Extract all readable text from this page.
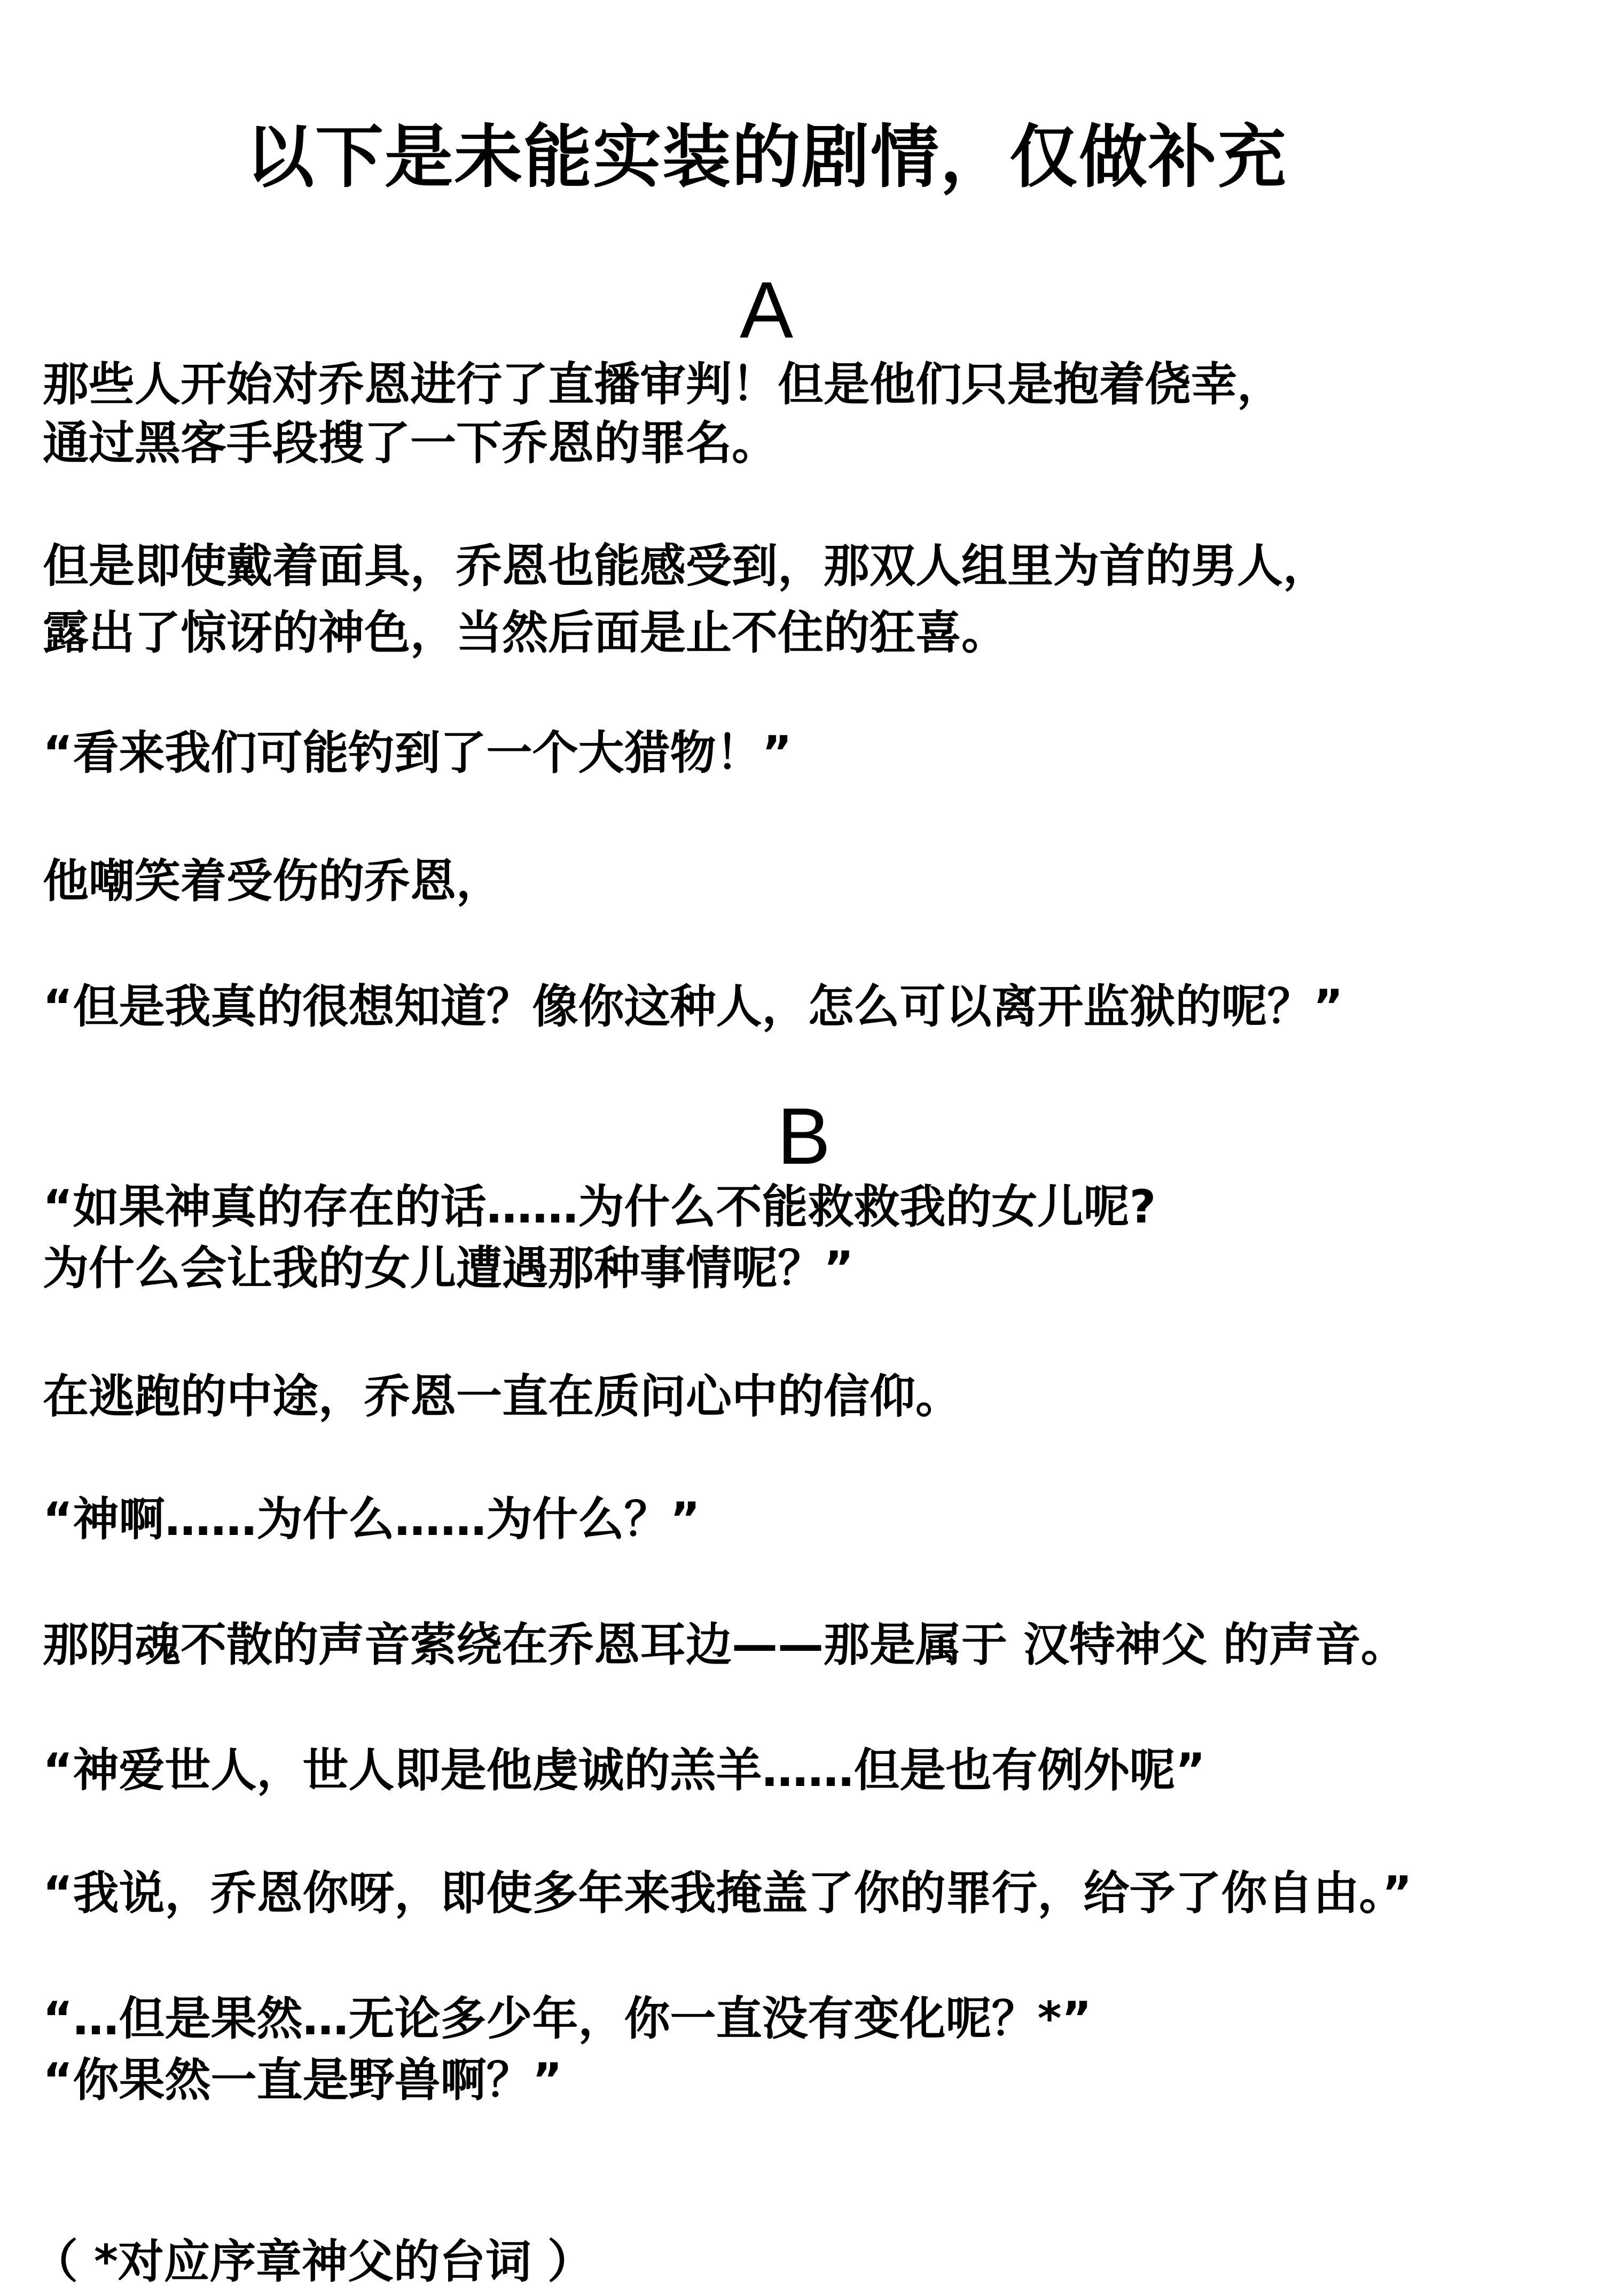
以下是未能实装的剧情，仅做补充
A
那些人开始对乔恩进行了直播审判！但是他们只是抱着侥幸，
通过黑客手段搜了一下乔恩的罪名。
但是即使戴着面具，乔恩也能感受到，那双人组里为首的男人，
露出了惊讶的神色，当然后面是止不住的狂喜。
“看来我们可能钓到了一个大猎物！”
他嘲笑着受伤的乔恩，
“但是我真的很想知道？像你这种人，怎么可以离开监狱的呢？”
B
“如果神真的存在的话……为什么不能救救我的女儿呢?
为什么会让我的女儿遭遇那种事情呢？”
在逃跑的中途，乔恩一直在质问心中的信仰。
“神啊……为什么……为什么？”
那阴魂不散的声音萦绕在乔恩耳边——那是属于 汉特神父 的声音。
“神爱世人，世人即是他虔诚的羔羊……但是也有例外呢”
“我说，乔恩你呀，即使多年来我掩盖了你的罪行，给予了你自由。”
“…但是果然…无论多少年，你一直没有变化呢？*”
“你果然一直是野兽啊？”
（ *对应序章神父的台词 ）
